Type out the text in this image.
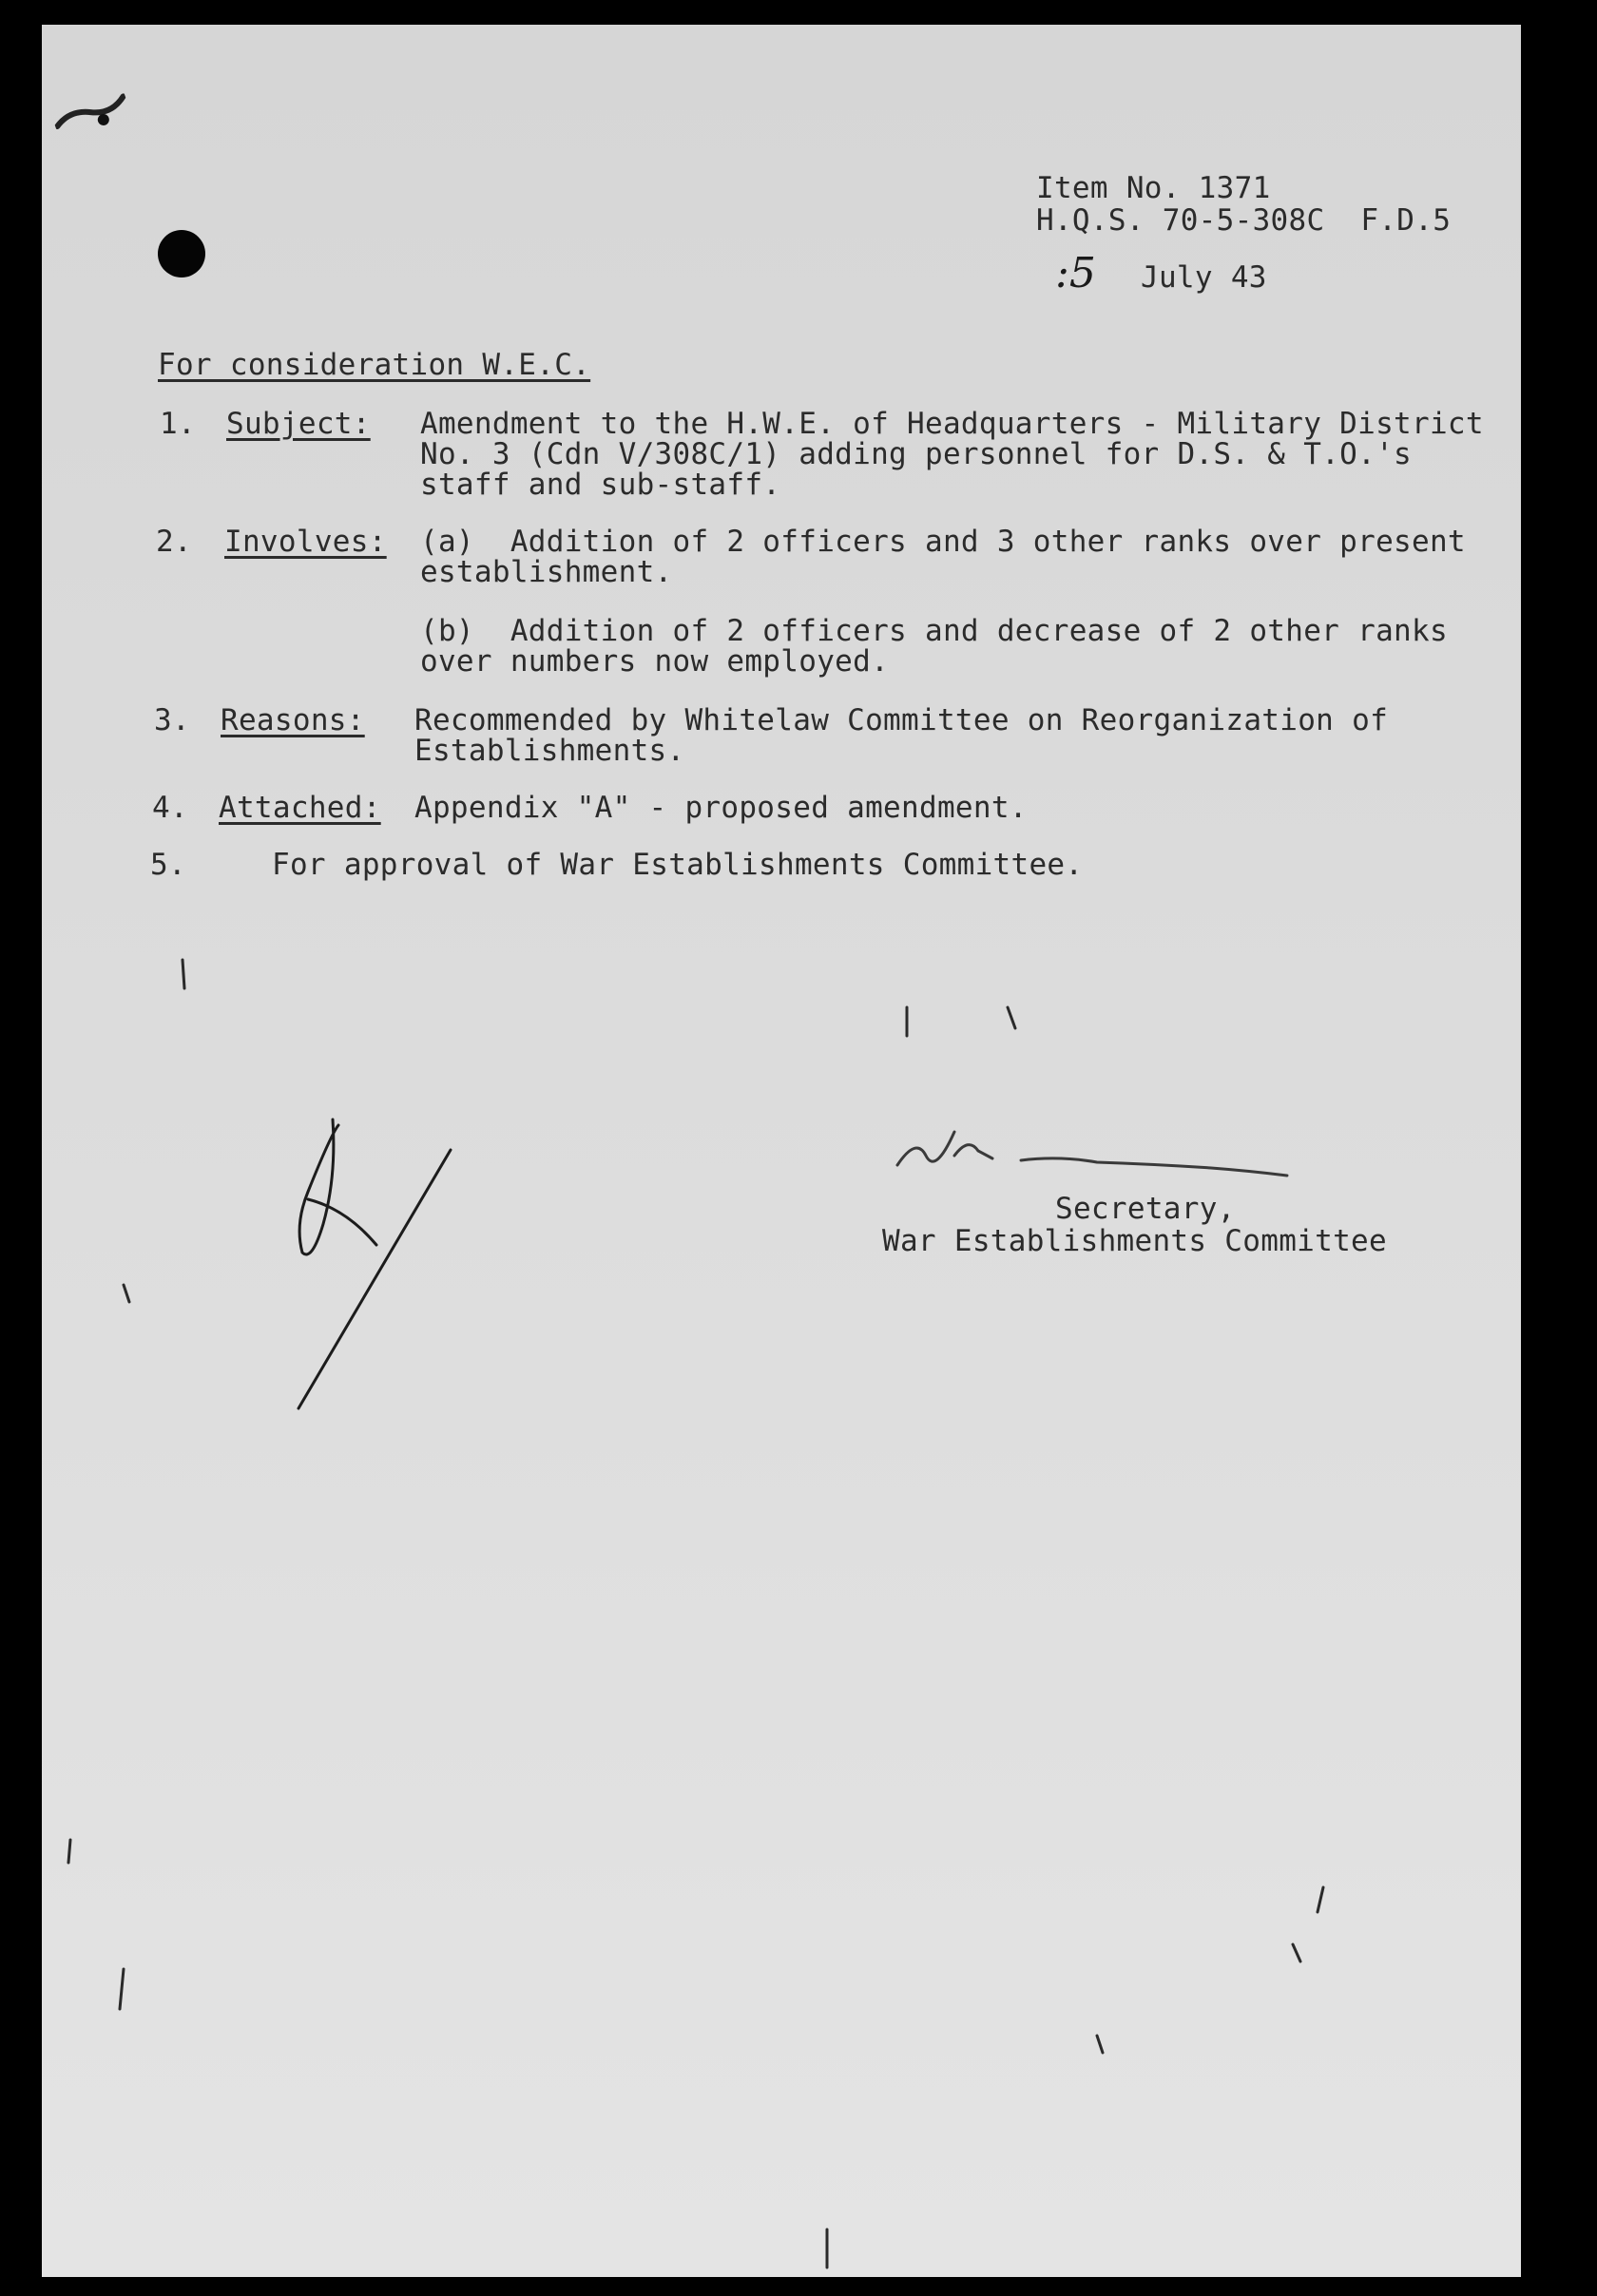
Item No. 1371
H.Q.S. 70-5-308C  F.D.5
:5 July 43
For consideration W.E.C.
1. Subject: Amendment to the H.W.E. of Headquarters - Military District
No. 3 (Cdn V/308C/1) adding personnel for D.S. & T.O.'s
staff and sub-staff.
2. Involves: (a)  Addition of 2 officers and 3 other ranks over present
establishment.
(b)  Addition of 2 officers and decrease of 2 other ranks
over numbers now employed.
3. Reasons: Recommended by Whitelaw Committee on Reorganization of
Establishments.
4. Attached: Appendix "A" - proposed amendment.
5.	For approval of War Establishments Committee.
Secretary,
War Establishments Committee
